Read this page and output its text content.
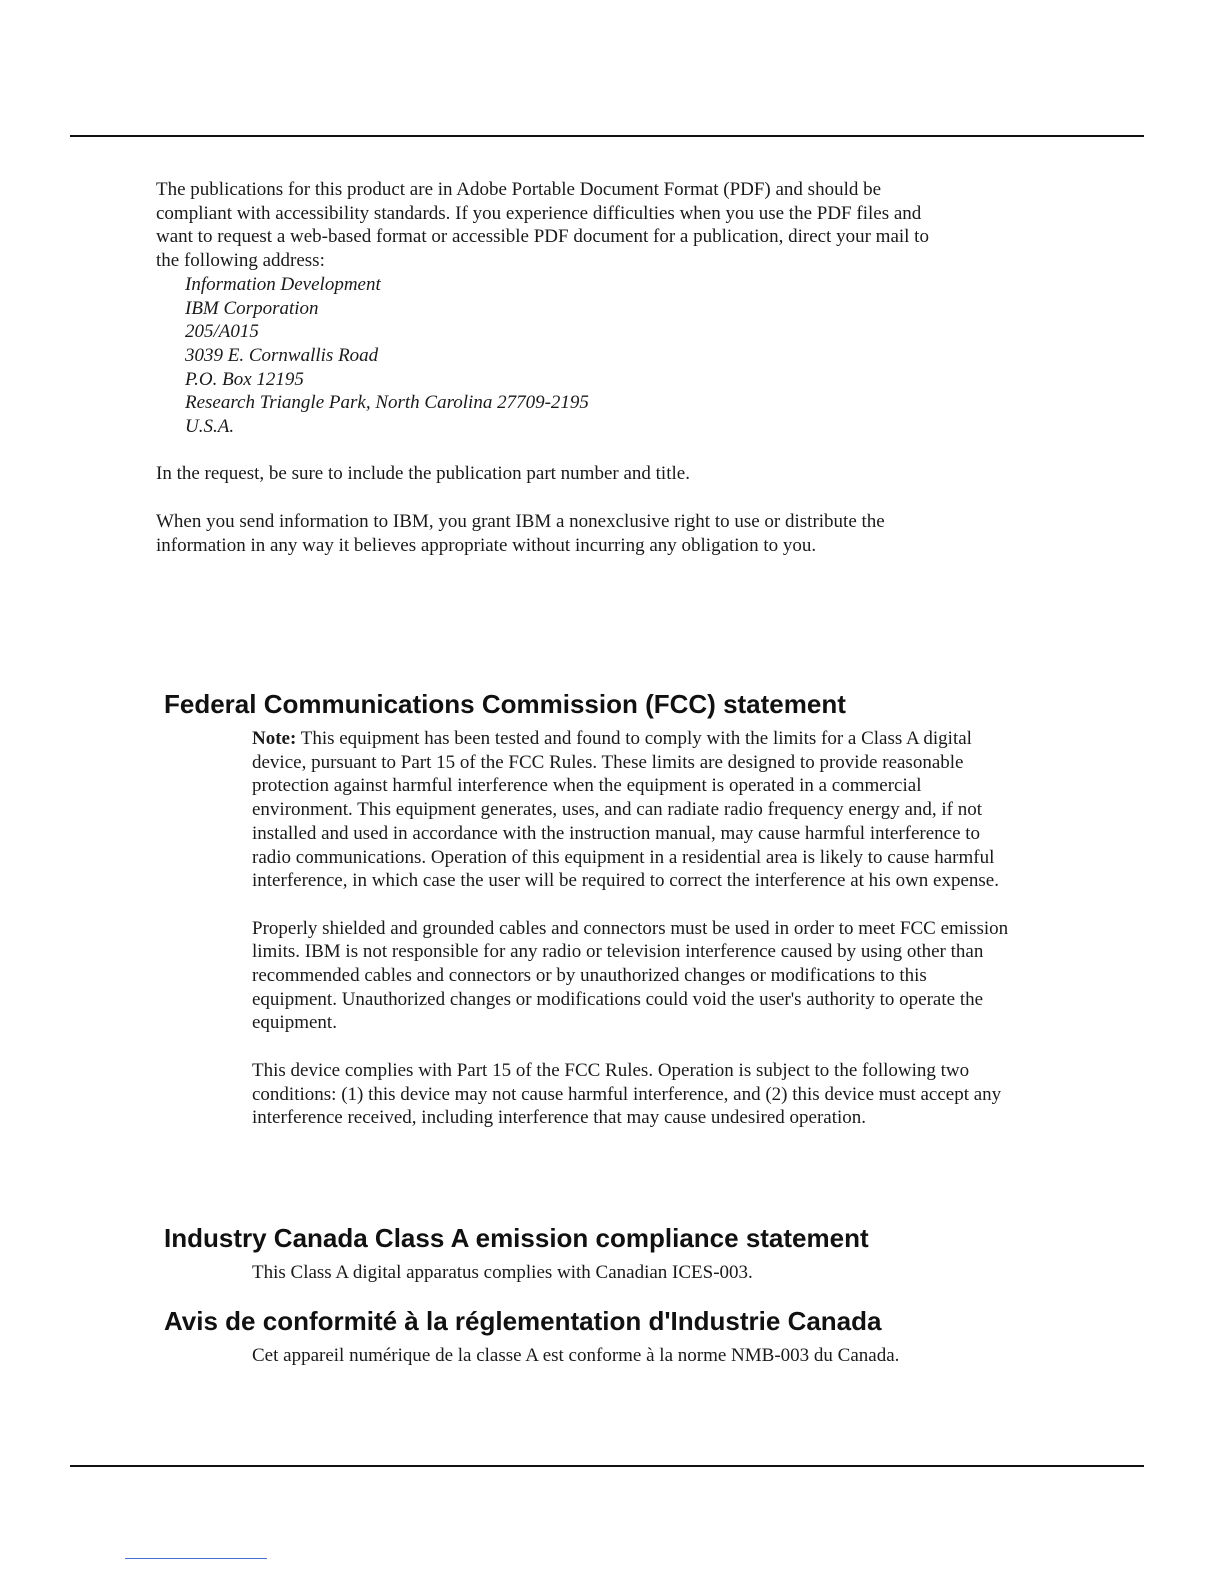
The publications for this product are in Adobe Portable Document Format (PDF) and should be compliant with accessibility standards. If you experience difficulties when you use the PDF files and want to request a web-based format or accessible PDF document for a publication, direct your mail to the following address:

Information Development
IBM Corporation
205/A015
3039 E. Cornwallis Road
P.O. Box 12195
Research Triangle Park, North Carolina 27709-2195
U.S.A.

In the request, be sure to include the publication part number and title.

When you send information to IBM, you grant IBM a nonexclusive right to use or distribute the information in any way it believes appropriate without incurring any obligation to you.

Federal Communications Commission (FCC) statement

Note: This equipment has been tested and found to comply with the limits for a Class A digital device, pursuant to Part 15 of the FCC Rules. These limits are designed to provide reasonable protection against harmful interference when the equipment is operated in a commercial environment. This equipment generates, uses, and can radiate radio frequency energy and, if not installed and used in accordance with the instruction manual, may cause harmful interference to radio communications. Operation of this equipment in a residential area is likely to cause harmful interference, in which case the user will be required to correct the interference at his own expense.

Properly shielded and grounded cables and connectors must be used in order to meet FCC emission limits. IBM is not responsible for any radio or television interference caused by using other than recommended cables and connectors or by unauthorized changes or modifications to this equipment. Unauthorized changes or modifications could void the user's authority to operate the equipment.

This device complies with Part 15 of the FCC Rules. Operation is subject to the following two conditions: (1) this device may not cause harmful interference, and (2) this device must accept any interference received, including interference that may cause undesired operation.

Industry Canada Class A emission compliance statement

This Class A digital apparatus complies with Canadian ICES-003.

Avis de conformité à la réglementation d'Industrie Canada

Cet appareil numérique de la classe A est conforme à la norme NMB-003 du Canada.
